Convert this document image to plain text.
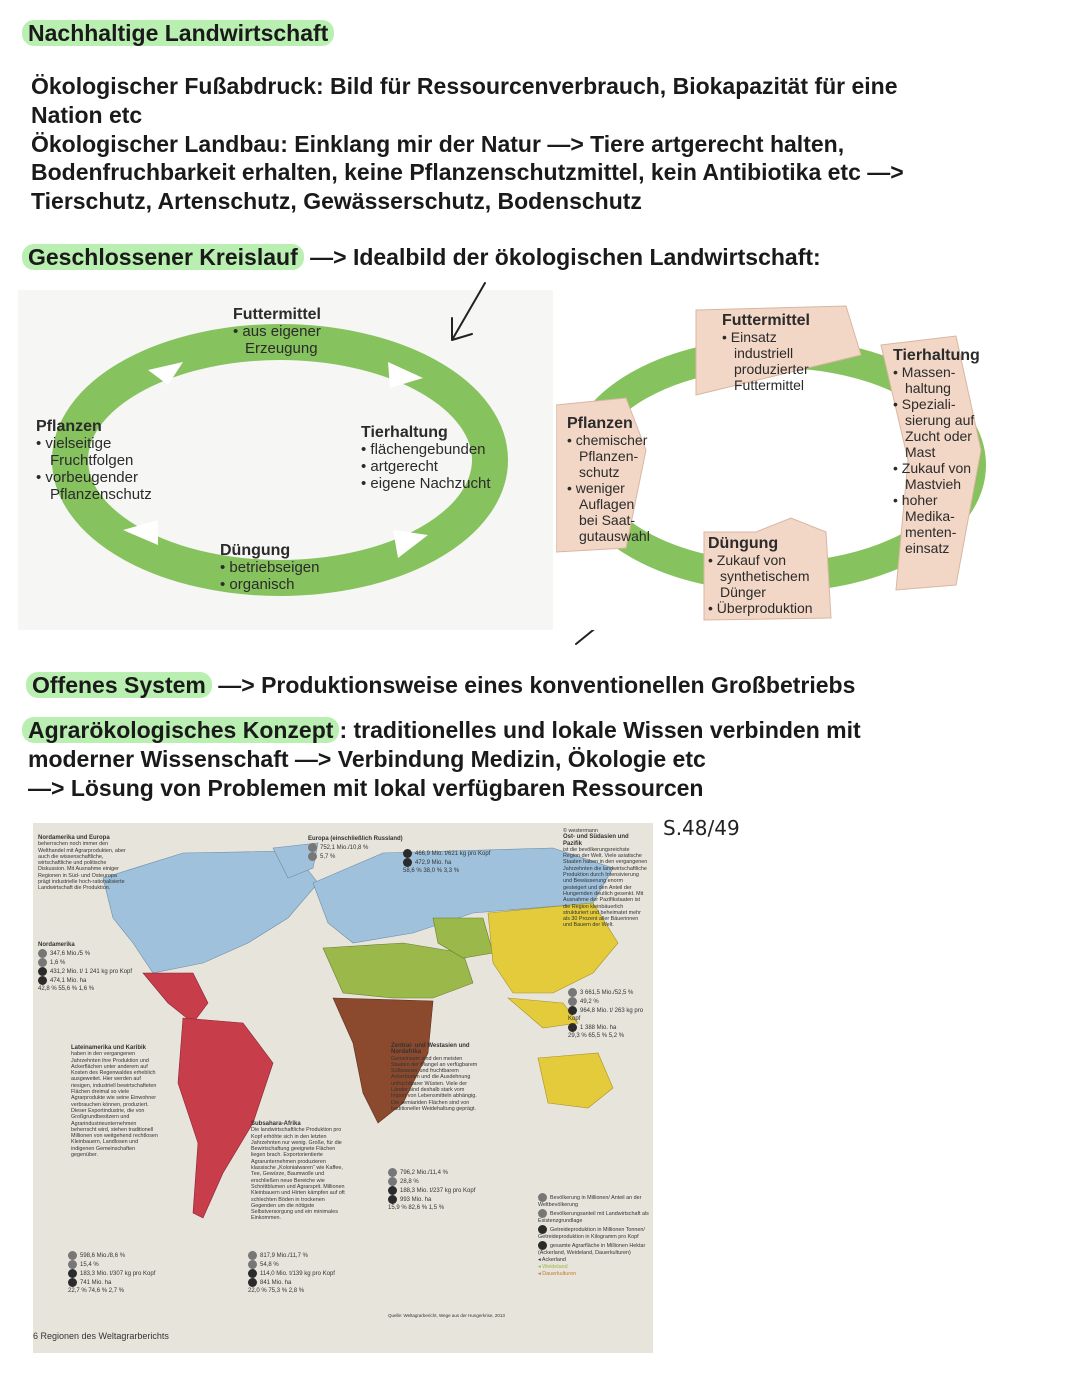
Nachhaltige Landwirtschaft
Ökologischer Fußabdruck: Bild für Ressourcenverbrauch, Biokapazität für eine
Nation etc
Ökologischer Landbau: Einklang mir der Natur —> Tiere artgerecht halten,
Bodenfruchbarkeit erhalten, keine Pflanzenschutzmittel, kein Antibiotika etc —>
Tierschutz, Artenschutz, Gewässerschutz, Bodenschutz
Geschlossener Kreislauf —> Idealbild der ökologischen Landwirtschaft:
Futtermittel
• aus eigener
Erzeugung
Pflanzen
• vielseitige
Fruchtfolgen
• vorbeugender
Pflanzenschutz
Tierhaltung
• flächengebunden
• artgerecht
• eigene Nachzucht
Düngung
• betriebseigen
• organisch
Futtermittel
• Einsatz
industriell
produzierter
Futtermittel
Pflanzen
• chemischer
Pflanzen-
schutz
• weniger
Auflagen
bei Saat-
gutauswahl
Tierhaltung
• Massen-
haltung
• Speziali-
sierung auf
Zucht oder
Mast
• Zukauf von
Mastvieh
• hoher
Medika-
menten-
einsatz
Düngung
• Zukauf von
synthetischem
Dünger
• Überproduktion
Offenes System —> Produktionsweise eines konventionellen Großbetriebs
Agrarökologisches Konzept : traditionelles und lokale Wissen verbinden mit
moderner Wissenschaft —> Verbindung Medizin, Ökologie etc
—> Lösung von Problemen mit lokal verfügbaren Ressourcen
S.48/49
Nordamerika und Europa
beherrschen noch immer den Welthandel mit Agrarprodukten, aber auch die wissenschaftliche, wirtschaftliche und politische Diskussion. Mit Ausnahme einiger Regionen in Süd- und Osteuropa prägt industrielle hoch-rationalisierte Landwirtschaft die Produktion.
Nordamerika
347,6 Mio./5 %
1,6 %
431,2 Mio. t/ 1 241 kg pro Kopf
474,1 Mio. ha
42,8 % 55,6 % 1,6 %
Europa (einschließlich Russland)
752,1 Mio./10,8 %
5,7 %
466,9 Mio. t/621 kg pro Kopf
472,9 Mio. ha
58,6 % 38,0 % 3,3 %
© westermann
Ost- und Südasien und Pazifik
ist die bevölkerungsreichste Region der Welt. Viele asiatische Staaten haben in den vergangenen Jahrzehnten die landwirtschaftliche Produktion durch Intensivierung und Bewässerung enorm gesteigert und den Anteil der Hungernden deutlich gesenkt. Mit Ausnahme der Pazifikstaaten ist die Region kleinbäuerlich strukturiert und beheimatet mehr als 30 Prozent aller Bäuerinnen und Bauern der Welt.
3 661,5 Mio./52,5 %
49,2 %
964,8 Mio. t/ 263 kg pro Kopf
1 388 Mio. ha
29,3 % 65,5 % 5,2 %
Lateinamerika und Karibik
haben in den vergangenen Jahrzehnten ihre Produktion und Ackerflächen unter anderem auf Kosten des Regenwaldes erheblich ausgeweitet. Hier werden auf riesigen, industriell bewirtschafteten Flächen dreimal so viele Agrarprodukte wie seine Einwohner verbrauchen können, produziert. Dieser Exportindustrie, die von Großgrundbesitzern und Agrarindustrieunternehmen beherrscht wird, stehen traditionell Millionen von weitgehend rechtlosen Kleinbauern, Landlosen und indigenen Gemeinschaften gegenüber.
598,6 Mio./8,6 %
15,4 %
183,3 Mio. t/307 kg pro Kopf
741 Mio. ha
22,7 % 74,6 % 2,7 %
Subsahara-Afrika
Die landwirtschaftliche Produktion pro Kopf erhöhte sich in den letzten Jahrzehnten nur wenig. Große, für die Bewirtschaftung geeignete Flächen liegen brach. Exportorientierte Agrarunternehmen produzieren klassische „Kolonialwaren“ wie Kaffee, Tee, Gewürze, Baumwolle und erschließen neue Bereiche wie Schnittblumen und Agrarsprit. Millionen Kleinbauern und Hirten kämpfen auf oft schlechten Böden in trockenen Gegenden um die nötigste Selbstversorgung und ein minimales Einkommen.
817,9 Mio./11,7 %
54,8 %
114,0 Mio. t/139 kg pro Kopf
841 Mio. ha
22,0 % 75,3 % 2,8 %
Zentral- und Westasien und Nordafrika
Gemeinsam sind den meisten Staaten der Mangel an verfügbarem Süßwasser und fruchtbarem Ackerboden und die Ausdehnung unfruchtbarer Wüsten. Viele der Länder sind deshalb stark vom Import von Lebensmitteln abhängig. Die semiariden Flächen sind von traditioneller Weidehaltung geprägt.
796,2 Mio./11,4 %
28,8 %
188,3 Mio. t/237 kg pro Kopf
993 Mio. ha
15,9 % 82,6 % 1,5 %
Bevölkerung in Millionen/ Anteil an der Weltbevölkerung
Bevölkerungsanteil mit Landwirtschaft als Existenzgrundlage
Getreideproduktion in Millionen Tonnen/ Getreideproduktion in Kilogramm pro Kopf
gesamte Agrarfläche in Millionen Hektar (Ackerland, Weideland, Dauerkulturen)
◂ Ackerland
◂ Weideland
◂ Dauerkulturen
Quelle: Weltagrarbericht, Wege aus der Hungerkrise, 2013
6 Regionen des Weltagrarberichts
